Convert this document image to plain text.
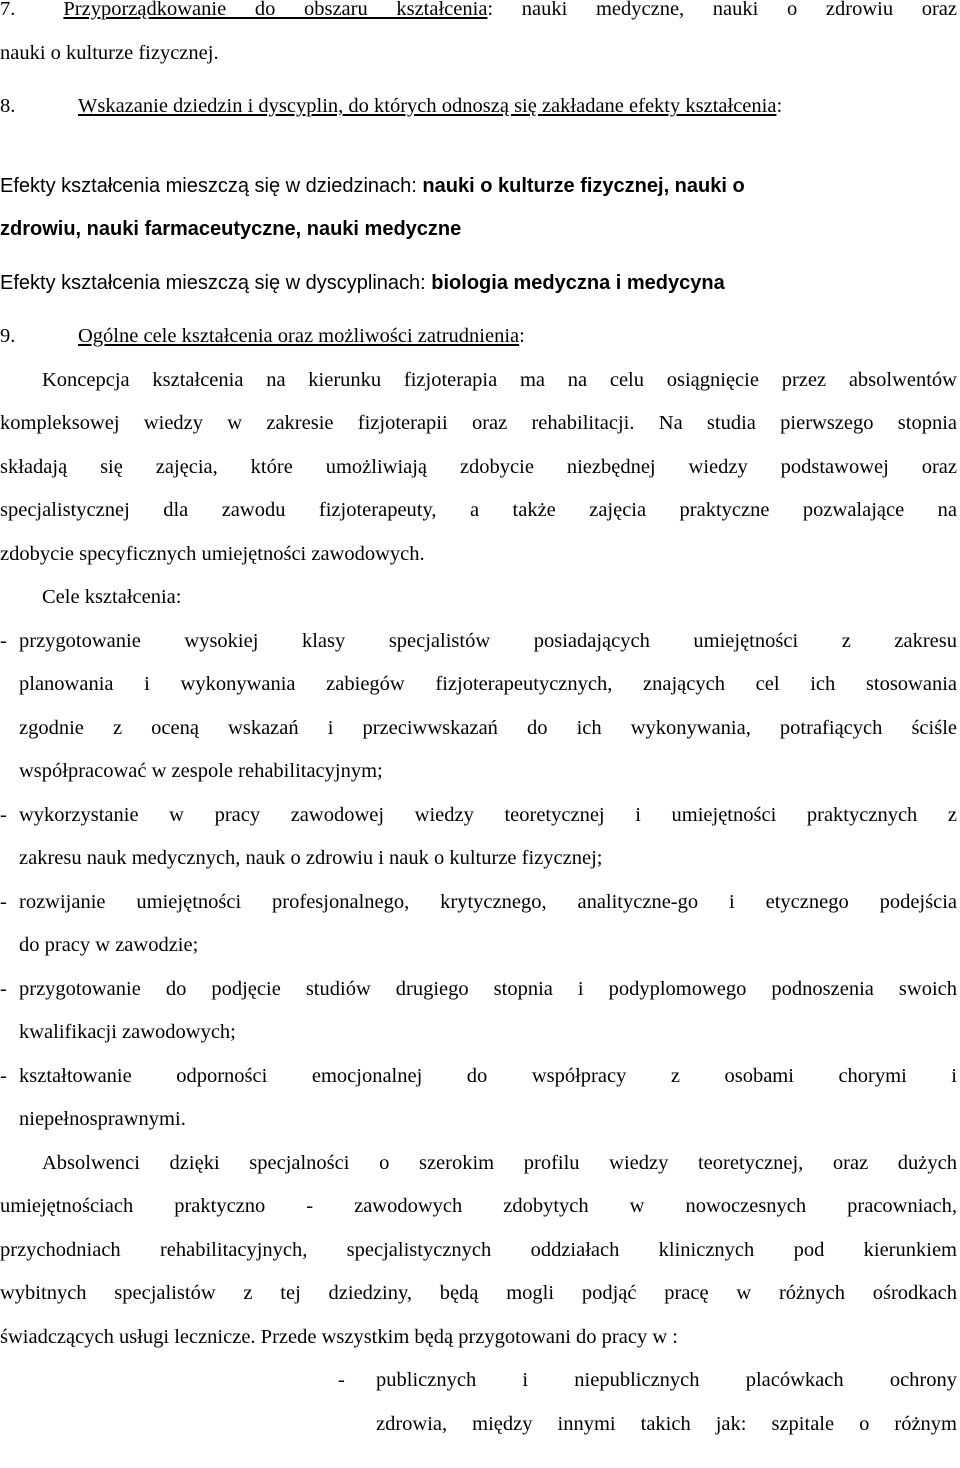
7. Przyporządkowanie do obszaru kształcenia: nauki medyczne, nauki o zdrowiu oraz
nauki o kulturze fizycznej.
8.	Wskazanie dziedzin i dyscyplin, do których odnoszą się zakładane efekty kształcenia:
Efekty kształcenia mieszczą się w dziedzinach: nauki o kulturze fizycznej, nauki o
zdrowiu, nauki farmaceutyczne, nauki medyczne
Efekty kształcenia mieszczą się w dyscyplinach: biologia medyczna i medycyna
9.	Ogólne cele kształcenia oraz możliwości zatrudnienia:
Koncepcja kształcenia na kierunku fizjoterapia ma na celu osiągnięcie przez absolwentów
kompleksowej wiedzy w zakresie fizjoterapii oraz rehabilitacji. Na studia pierwszego stopnia
składają się zajęcia, które umożliwiają zdobycie niezbędnej wiedzy podstawowej oraz
specjalistycznej dla zawodu fizjoterapeuty, a także zajęcia praktyczne pozwalające na
zdobycie specyficznych umiejętności zawodowych.
Cele kształcenia:
- przygotowanie wysokiej klasy specjalistów posiadających umiejętności z zakresu
planowania i wykonywania zabiegów fizjoterapeutycznych, znających cel ich stosowania
zgodnie z oceną wskazań i przeciwwskazań do ich wykonywania, potrafiących ściśle
współpracować w zespole rehabilitacyjnym;
- wykorzystanie w pracy zawodowej wiedzy teoretycznej i umiejętności praktycznych z
zakresu nauk medycznych, nauk o zdrowiu i nauk o kulturze fizycznej;
- rozwijanie umiejętności profesjonalnego, krytycznego, analityczne-go i etycznego podejścia
do pracy w zawodzie;
- przygotowanie do podjęcie studiów drugiego stopnia i podyplomowego podnoszenia swoich
kwalifikacji zawodowych;
- kształtowanie odporności emocjonalnej do współpracy z osobami chorymi i
niepełnosprawnymi.
Absolwenci dzięki specjalności o szerokim profilu wiedzy teoretycznej, oraz dużych
umiejętnościach praktyczno - zawodowych zdobytych w nowoczesnych pracowniach,
przychodniach rehabilitacyjnych, specjalistycznych oddziałach klinicznych pod kierunkiem
wybitnych specjalistów z tej dziedziny, będą mogli podjąć pracę w różnych ośrodkach
świadczących usługi lecznicze. Przede wszystkim będą przygotowani do pracy w :
-	publicznych i niepublicznych placówkach ochrony
zdrowia, między innymi takich jak: szpitale o różnym
